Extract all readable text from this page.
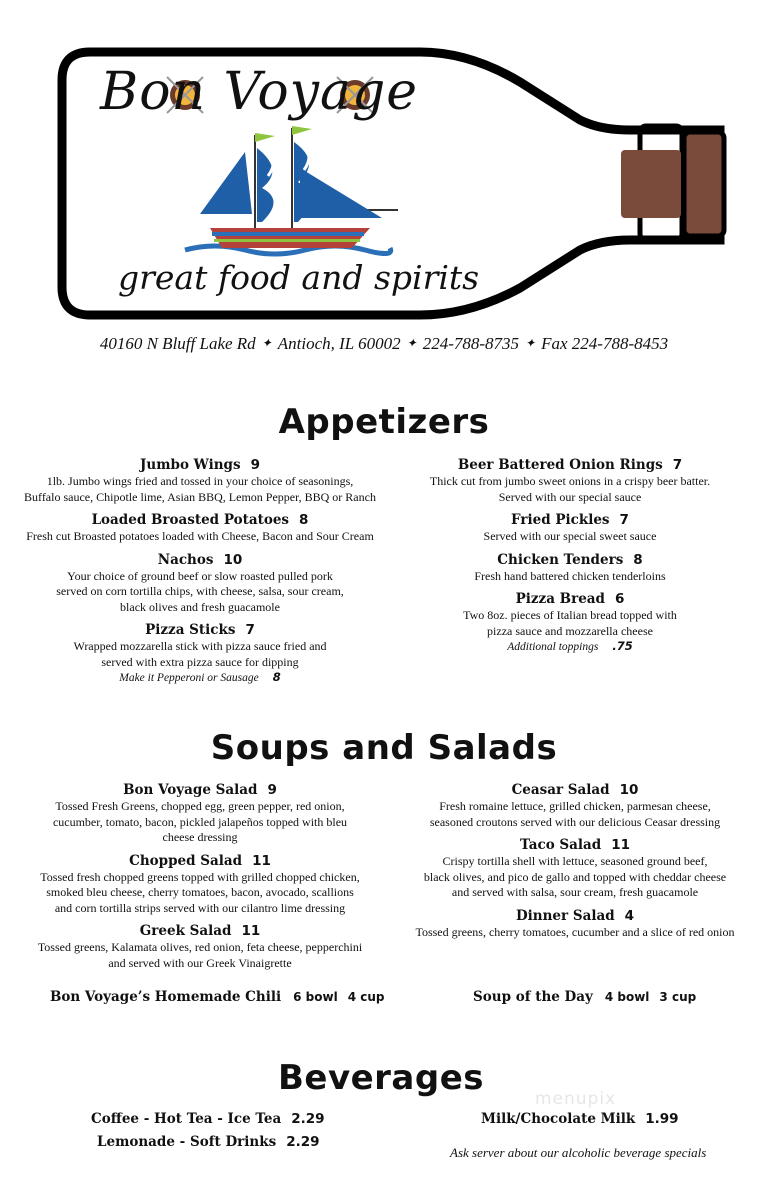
Bon Voyage
great food and spirits
40160 N Bluff Lake Rd ✦ Antioch, IL 60002 ✦ 224-788-8735 ✦ Fax 224-788-8453
Appetizers
Jumbo Wings 9
1lb. Jumbo wings fried and tossed in your choice of seasonings,
Buffalo sauce, Chipotle lime, Asian BBQ, Lemon Pepper, BBQ or Ranch
Loaded Broasted Potatoes 8
Fresh cut Broasted potatoes loaded with Cheese, Bacon and Sour Cream
Nachos 10
Your choice of ground beef or slow roasted pulled pork
served on corn tortilla chips, with cheese, salsa, sour cream,
black olives and fresh guacamole
Pizza Sticks 7
Wrapped mozzarella stick with pizza sauce fried and
served with extra pizza sauce for dipping
Make it Pepperoni or Sausage 8
Beer Battered Onion Rings 7
Thick cut from jumbo sweet onions in a crispy beer batter.
Served with our special sauce
Fried Pickles 7
Served with our special sweet sauce
Chicken Tenders 8
Fresh hand battered chicken tenderloins
Pizza Bread 6
Two 8oz. pieces of Italian bread topped with
pizza sauce and mozzarella cheese
Additional toppings .75
Soups and Salads
Bon Voyage Salad 9
Tossed Fresh Greens, chopped egg, green pepper, red onion,
cucumber, tomato, bacon, pickled jalapeños topped with bleu
cheese dressing
Chopped Salad 11
Tossed fresh chopped greens topped with grilled chopped chicken,
smoked bleu cheese, cherry tomatoes, bacon, avocado, scallions
and corn tortilla strips served with our cilantro lime dressing
Greek Salad 11
Tossed greens, Kalamata olives, red onion, feta cheese, pepperchini
and served with our Greek Vinaigrette
Ceasar Salad 10
Fresh romaine lettuce, grilled chicken, parmesan cheese,
seasoned croutons served with our delicious Ceasar dressing
Taco Salad 11
Crispy tortilla shell with lettuce, seasoned ground beef,
black olives, and pico de gallo and topped with cheddar cheese
and served with salsa, sour cream, fresh guacamole
Dinner Salad 4
Tossed greens, cherry tomatoes, cucumber and a slice of red onion
Bon Voyage’s Homemade Chili 6 bowl 4 cup	Soup of the Day 4 bowl 3 cup
Beverages
Coffee - Hot Tea - Ice Tea 2.29
Lemonade - Soft Drinks 2.29
Milk/Chocolate Milk 1.99
Ask server about our alcoholic beverage specials
menupix
